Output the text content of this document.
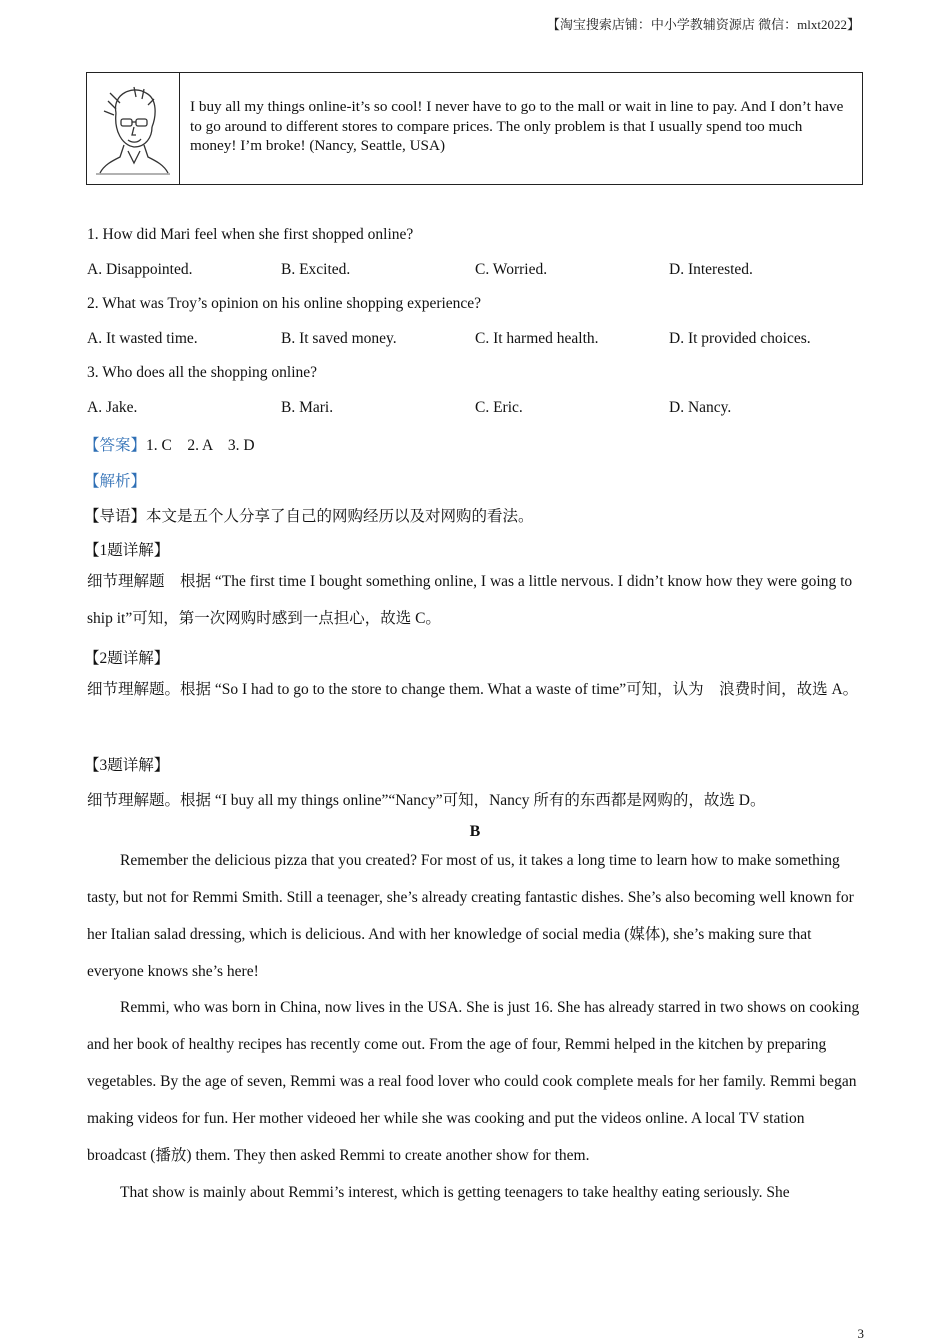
【淘宝搜索店铺：中小学教辅资源店 微信：mlxt2022】
I buy all my things online-it’s so cool! I never have to go to the mall or wait in line to pay. And I don’t have to go around to different stores to compare prices. The only problem is that I usually spend too much money! I’m broke! (Nancy, Seattle, USA)
1. How did Mari feel when she first shopped online?
A. Disappointed.	B. Excited.	C. Worried.	D. Interested.
2. What was Troy’s opinion on his online shopping experience?
A. It wasted time.	B. It saved money.	C. It harmed health.	D. It provided choices.
3. Who does all the shopping online?
A. Jake.	B. Mari.	C. Eric.	D. Nancy.
【答案】1. C    2. A    3. D
【解析】
【导语】本文是五个人分享了自己的网购经历以及对网购的看法。
【1题详解】
细节理解题    根据 “The first time I bought something online, I was a little nervous. I didn’t know how they were going to ship it”可知，第一次网购时感到一点担心，故选 C。
【2题详解】
细节理解题。根据 “So I had to go to the store to change them. What a waste of time”可知，认为    浪费时间，故选 A。
【3题详解】
细节理解题。根据 “I buy all my things online”“Nancy”可知，Nancy 所有的东西都是网购的，故选 D。
B
Remember the delicious pizza that you created? For most of us, it takes a long time to learn how to make something tasty, but not for Remmi Smith. Still a teenager, she’s already creating fantastic dishes. She’s also becoming well known for her Italian salad dressing, which is delicious. And with her knowledge of social media (媒体), she’s making sure that everyone knows she’s here!
Remmi, who was born in China, now lives in the USA. She is just 16. She has already starred in two shows on cooking and her book of healthy recipes has recently come out. From the age of four, Remmi helped in the kitchen by preparing vegetables. By the age of seven, Remmi was a real food lover who could cook complete meals for her family. Remmi began making videos for fun. Her mother videoed her while she was cooking and put the videos online. A local TV station broadcast (播放) them. They then asked Remmi to create another show for them.
That show is mainly about Remmi’s interest, which is getting teenagers to take healthy eating seriously. She
3
